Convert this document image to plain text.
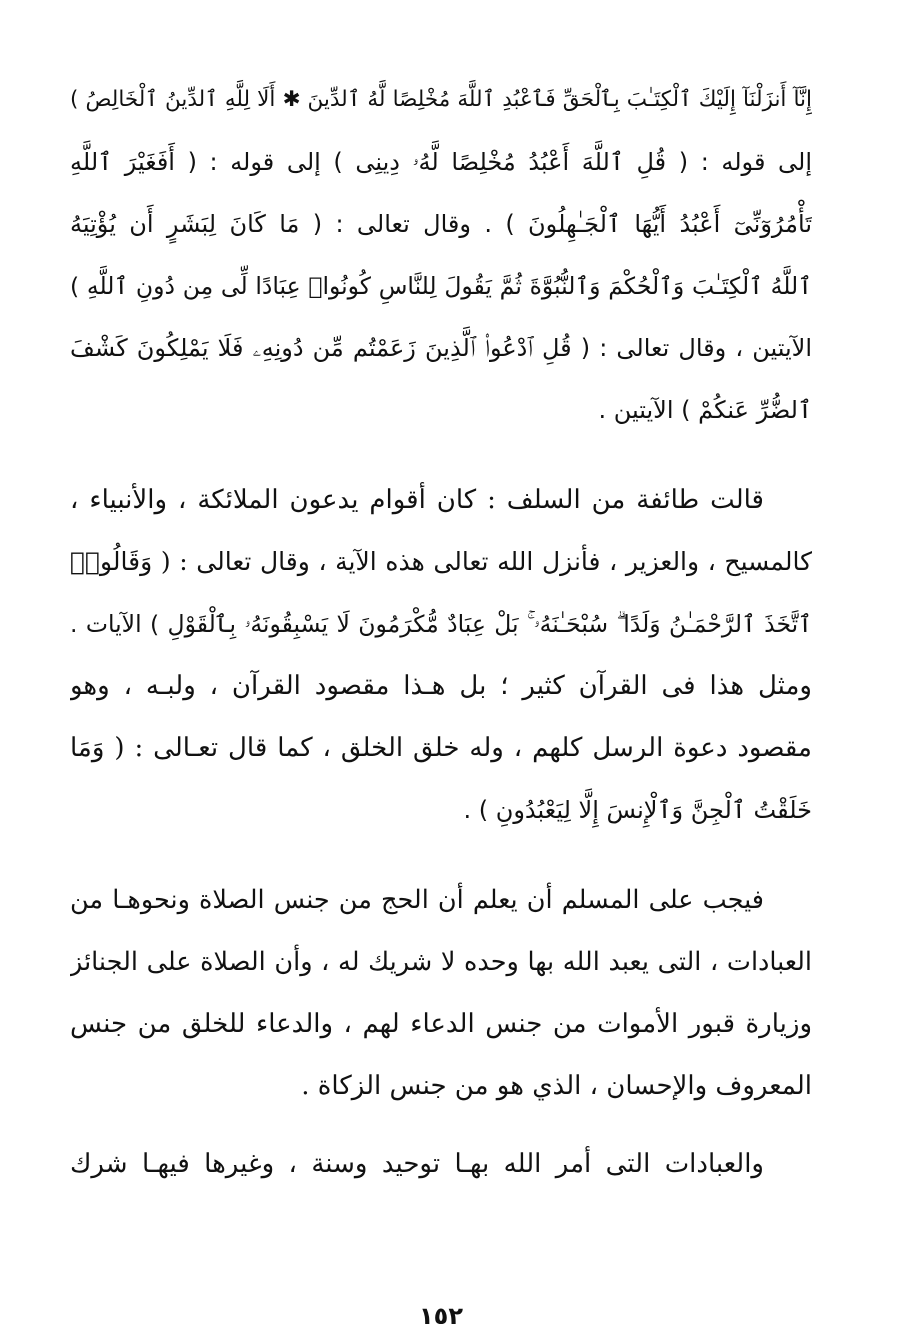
إِنَّآ أَنزَلْنَآ إِلَيْكَ ٱلْكِتَـٰبَ بِٱلْحَقِّ فَٱعْبُدِ ٱللَّهَ مُخْلِصًا لَّهُ ٱلدِّينَ ✱ أَلَا لِلَّهِ ٱلدِّينُ ٱلْخَالِصُ )
إلى قوله : ( قُلِ ٱللَّهَ أَعْبُدُ مُخْلِصًا لَّهُۥ دِينِى ) إلى قوله : ( أَفَغَيْرَ ٱللَّهِ
تَأْمُرُوٓنِّىٓ أَعْبُدُ أَيُّهَا ٱلْجَـٰهِلُونَ ) . وقال تعالى : ( مَا كَانَ لِبَشَرٍ أَن يُؤْتِيَهُ
ٱللَّهُ ٱلْكِتَـٰبَ وَٱلْحُكْمَ وَٱلنُّبُوَّةَ ثُمَّ يَقُولَ لِلنَّاسِ كُونُوا۟ عِبَادًا لِّى مِن دُونِ ٱللَّهِ )
الآيتين ، وقال تعالى : ( قُلِ ٱدْعُوا۟ ٱلَّذِينَ زَعَمْتُم مِّن دُونِهِۦ فَلَا يَمْلِكُونَ كَشْفَ
ٱلضُّرِّ عَنكُمْ ) الآيتين .
قالت طائفة من السلف : كان أقوام يدعون الملائكة ، والأنبياء ،
كالمسيح ، والعزير ، فأنزل الله تعالى هذه الآية ، وقال تعالى : ( وَقَالُوا۟
ٱتَّخَذَ ٱلرَّحْمَـٰنُ وَلَدًا ۗ سُبْحَـٰنَهُۥ ۚ بَلْ عِبَادٌ مُّكْرَمُونَ لَا يَسْبِقُونَهُۥ بِٱلْقَوْلِ ) الآيات .
ومثل هذا فى القرآن كثير ؛ بل هـذا مقصود القرآن ، ولبـه ، وهو
مقصود دعوة الرسل كلهم ، وله خلق الخلق ، كما قال تعـالى : ( وَمَا
خَلَقْتُ ٱلْجِنَّ وَٱلْإِنسَ إِلَّا لِيَعْبُدُونِ ) .
فيجب على المسلم أن يعلم أن الحج من جنس الصلاة ونحوهـا من
العبادات ، التى يعبد الله بها وحده لا شريك له ، وأن الصلاة على الجنائز
وزيارة قبور الأموات من جنس الدعاء لهم ، والدعاء للخلق من جنس
المعروف والإحسان ، الذي هو من جنس الزكاة .
والعبادات التى أمر الله بهـا توحيد وسنة ، وغيرها فيهـا شرك
١٥٢
